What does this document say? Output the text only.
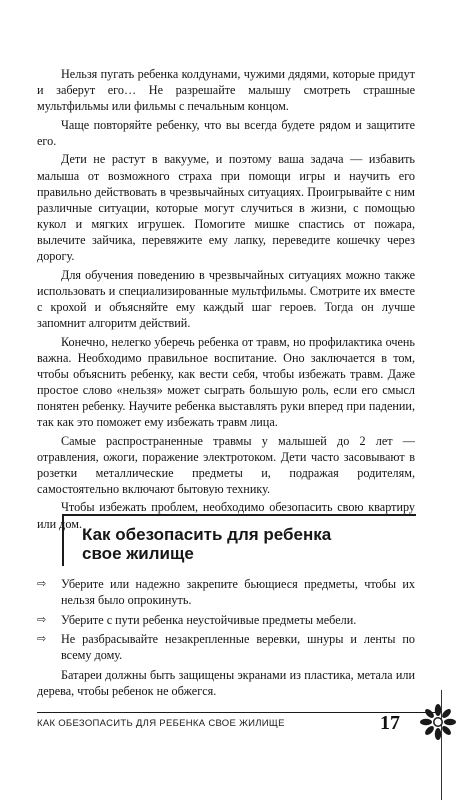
Нельзя пугать ребенка колдунами, чужими дядями, которые придут и заберут его… Не разрешайте малышу смотреть страшные мультфильмы или фильмы с печальным концом.

Чаще повторяйте ребенку, что вы всегда будете рядом и защитите его.

Дети не растут в вакууме, и поэтому ваша задача — избавить малыша от возможного страха при помощи игры и научить его правильно действовать в чрезвычайных ситуациях. Проигрывайте с ним различные ситуации, которые могут случиться в жизни, с помощью кукол и мягких игрушек. Помогите мишке спастись от пожара, вылечите зайчика, перевяжите ему лапку, переведите кошечку через дорогу.

Для обучения поведению в чрезвычайных ситуациях можно также использовать и специализированные мультфильмы. Смотрите их вместе с крохой и объясняйте ему каждый шаг героев. Тогда он лучше запомнит алгоритм действий.

Конечно, нелегко уберечь ребенка от травм, но профилактика очень важна. Необходимо правильное воспитание. Оно заключается в том, чтобы объяснить ребенку, как вести себя, чтобы избежать травм. Даже простое слово «нельзя» может сыграть большую роль, если его смысл понятен ребенку. Научите ребенка выставлять руки вперед при падении, так как это поможет ему избежать травм лица.

Самые распространенные травмы у малышей до 2 лет — отравления, ожоги, поражение электротоком. Дети часто засовывают в розетки металлические предметы и, подражая родителям, самостоятельно включают бытовую технику.

Чтобы избежать проблем, необходимо обезопасить свою квартиру или дом.

Как обезопасить для ребенка
свое жилище
⇨ Уберите или надежно закрепите бьющиеся предметы, чтобы их нельзя было опрокинуть.
⇨ Уберите с пути ребенка неустойчивые предметы мебели.
⇨ Не разбрасывайте незакрепленные веревки, шнуры и ленты по всему дому.

Батареи должны быть защищены экранами из пластика, метала или дерева, чтобы ребенок не обжегся.

КАК ОБЕЗОПАСИТЬ ДЛЯ РЕБЕНКА СВОЕ ЖИЛИЩЕ	17
